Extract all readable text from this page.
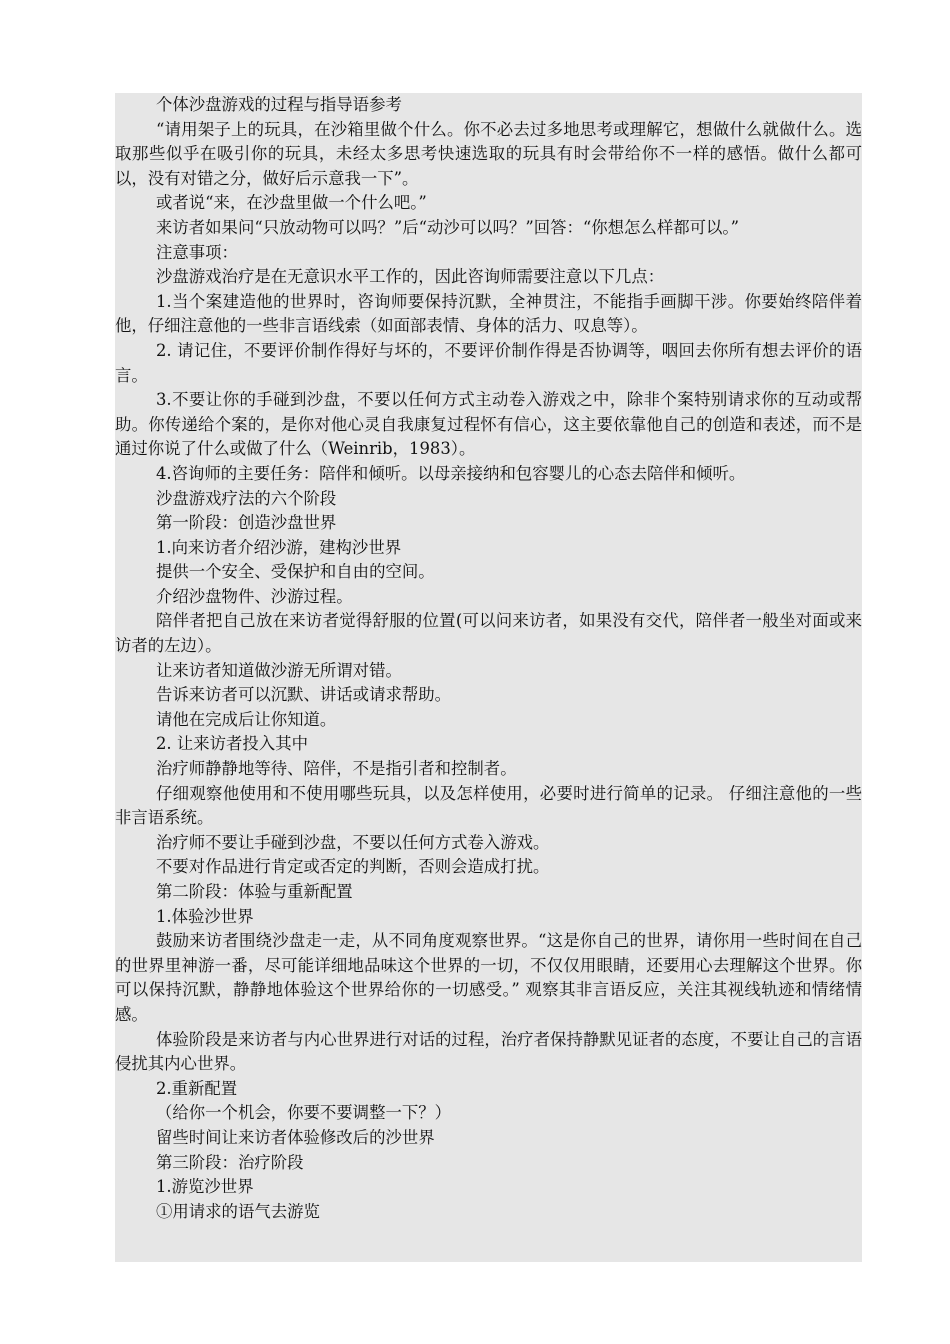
个体沙盘游戏的过程与指导语参考

“请用架子上的玩具，在沙箱里做个什么。你不必去过多地思考或理解它，想做什么就做什么。选取那些似乎在吸引你的玩具，未经太多思考快速选取的玩具有时会带给你不一样的感悟。做什么都可以，没有对错之分，做好后示意我一下”。

或者说“来，在沙盘里做一个什么吧。”

来访者如果问“只放动物可以吗？”后“动沙可以吗？”回答：“你想怎么样都可以。”

注意事项：

沙盘游戏治疗是在无意识水平工作的，因此咨询师需要注意以下几点：

1.当个案建造他的世界时，咨询师要保持沉默，全神贯注，不能指手画脚干涉。你要始终陪伴着他，仔细注意他的一些非言语线索（如面部表情、身体的活力、叹息等）。

2. 请记住，不要评价制作得好与坏的，不要评价制作得是否协调等，咽回去你所有想去评价的语言。

3.不要让你的手碰到沙盘，不要以任何方式主动卷入游戏之中，除非个案特别请求你的互动或帮助。你传递给个案的，是你对他心灵自我康复过程怀有信心，这主要依靠他自己的创造和表述，而不是通过你说了什么或做了什么（Weinrib，1983）。

4.咨询师的主要任务：陪伴和倾听。以母亲接纳和包容婴儿的心态去陪伴和倾听。

沙盘游戏疗法的六个阶段

第一阶段：创造沙盘世界

1.向来访者介绍沙游，建构沙世界

提供一个安全、受保护和自由的空间。

介绍沙盘物件、沙游过程。

陪伴者把自己放在来访者觉得舒服的位置(可以问来访者，如果没有交代，陪伴者一般坐对面或来访者的左边）。

让来访者知道做沙游无所谓对错。

告诉来访者可以沉默、讲话或请求帮助。

请他在完成后让你知道。

2. 让来访者投入其中

治疗师静静地等待、陪伴，不是指引者和控制者。

仔细观察他使用和不使用哪些玩具，以及怎样使用，必要时进行简单的记录。 仔细注意他的一些非言语系统。

治疗师不要让手碰到沙盘，不要以任何方式卷入游戏。

不要对作品进行肯定或否定的判断，否则会造成打扰。

第二阶段：体验与重新配置

1.体验沙世界

鼓励来访者围绕沙盘走一走，从不同角度观察世界。“这是你自己的世界，请你用一些时间在自己的世界里神游一番，尽可能详细地品味这个世界的一切，不仅仅用眼睛，还要用心去理解这个世界。你可以保持沉默，静静地体验这个世界给你的一切感受。” 观察其非言语反应，关注其视线轨迹和情绪情感。

体验阶段是来访者与内心世界进行对话的过程，治疗者保持静默见证者的态度，不要让自己的言语侵扰其内心世界。

2.重新配置

（给你一个机会，你要不要调整一下？）

留些时间让来访者体验修改后的沙世界

第三阶段：治疗阶段

1.游览沙世界

①用请求的语气去游览
